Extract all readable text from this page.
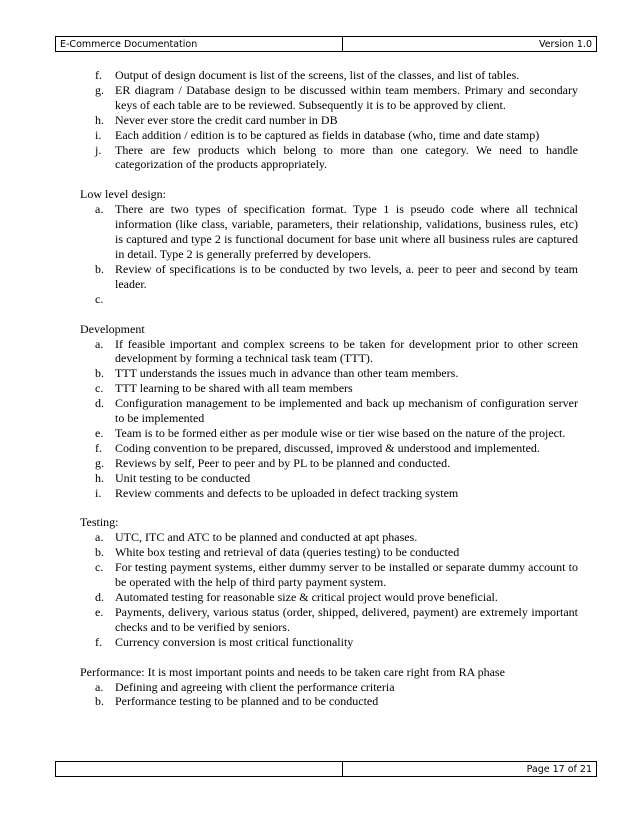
E-Commerce Documentation	Version 1.0
f. Output of design document is list of the screens, list of the classes, and list of tables.
g. ER diagram / Database design to be discussed within team members. Primary and secondary keys of each table are to be reviewed. Subsequently it is to be approved by client.
h. Never ever store the credit card number in DB
i. Each addition / edition is to be captured as fields in database (who, time and date stamp)
j. There are few products which belong to more than one category. We need to handle categorization of the products appropriately.
Low level design:
a. There are two types of specification format. Type 1 is pseudo code where all technical information (like class, variable, parameters, their relationship, validations, business rules, etc) is captured and type 2 is functional document for base unit where all business rules are captured in detail. Type 2 is generally preferred by developers.
b. Review of specifications is to be conducted by two levels, a. peer to peer and second by team leader.
c.

Development
a. If feasible important and complex screens to be taken for development prior to other screen development by forming a technical task team (TTT).
b. TTT understands the issues much in advance than other team members.
c. TTT learning to be shared with all team members
d. Configuration management to be implemented and back up mechanism of configuration server to be implemented
e. Team is to be formed either as per module wise or tier wise based on the nature of the project.
f. Coding convention to be prepared, discussed, improved & understood and implemented.
g. Reviews by self, Peer to peer and by PL to be planned and conducted.
h. Unit testing to be conducted
i. Review comments and defects to be uploaded in defect tracking system
Testing:
a. UTC, ITC and ATC to be planned and conducted at apt phases.
b. White box testing and retrieval of data (queries testing) to be conducted
c. For testing payment systems, either dummy server to be installed or separate dummy account to be operated with the help of third party payment system.
d. Automated testing for reasonable size & critical project would prove beneficial.
e. Payments, delivery, various status (order, shipped, delivered, payment) are extremely important checks and to be verified by seniors.
f. Currency conversion is most critical functionality
Performance: It is most important points and needs to be taken care right from RA phase
a. Defining and agreeing with client the performance criteria
b. Performance testing to be planned and to be conducted
Page 17 of 21
